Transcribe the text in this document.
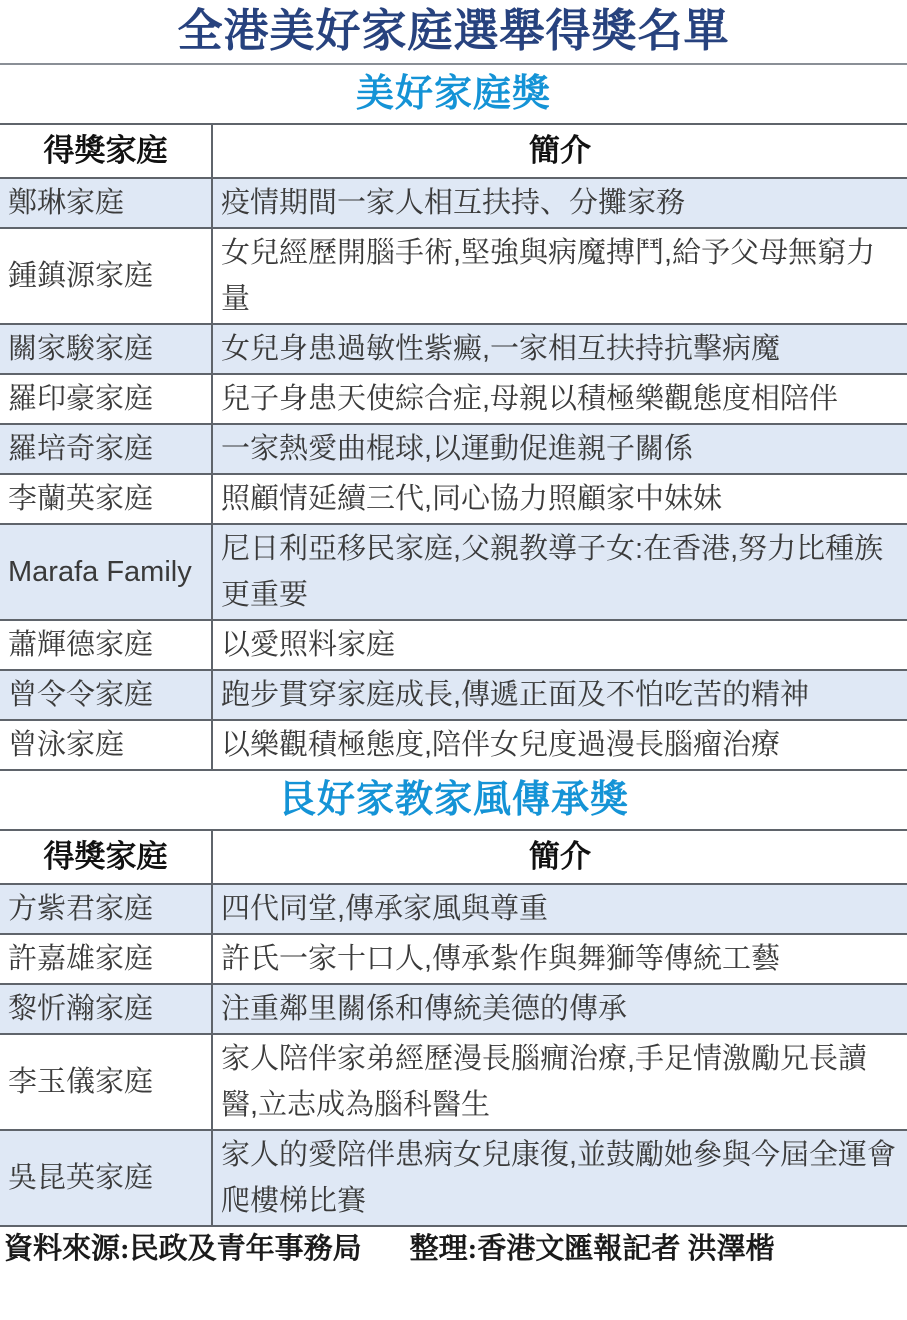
全港美好家庭選舉得獎名單
美好家庭獎
得獎家庭	簡介
鄭琳家庭	疫情期間一家人相互扶持、分攤家務
鍾鎮源家庭	女兒經歷開腦手術,堅強與病魔搏鬥,給予父母無窮力量
關家駿家庭	女兒身患過敏性紫癜,一家相互扶持抗擊病魔
羅印豪家庭	兒子身患天使綜合症,母親以積極樂觀態度相陪伴
羅培奇家庭	一家熱愛曲棍球,以運動促進親子關係
李蘭英家庭	照顧情延續三代,同心協力照顧家中妹妹
Marafa Family	尼日利亞移民家庭,父親教導子女:在香港,努力比種族更重要
蕭輝德家庭	以愛照料家庭
曾令令家庭	跑步貫穿家庭成長,傳遞正面及不怕吃苦的精神
曾泳家庭	以樂觀積極態度,陪伴女兒度過漫長腦瘤治療
艮好家教家風傳承獎
得獎家庭	簡介
方紫君家庭	四代同堂,傳承家風與尊重
許嘉雄家庭	許氏一家十口人,傳承紮作與舞獅等傳統工藝
黎忻瀚家庭	注重鄰里關係和傳統美德的傳承
李玉儀家庭	家人陪伴家弟經歷漫長腦癇治療,手足情激勵兄長讀醫,立志成為腦科醫生
吳昆英家庭	家人的愛陪伴患病女兒康復,並鼓勵她參與今屆全運會爬樓梯比賽
資料來源:民政及青年事務局 整理:香港文匯報記者 洪澤楷
